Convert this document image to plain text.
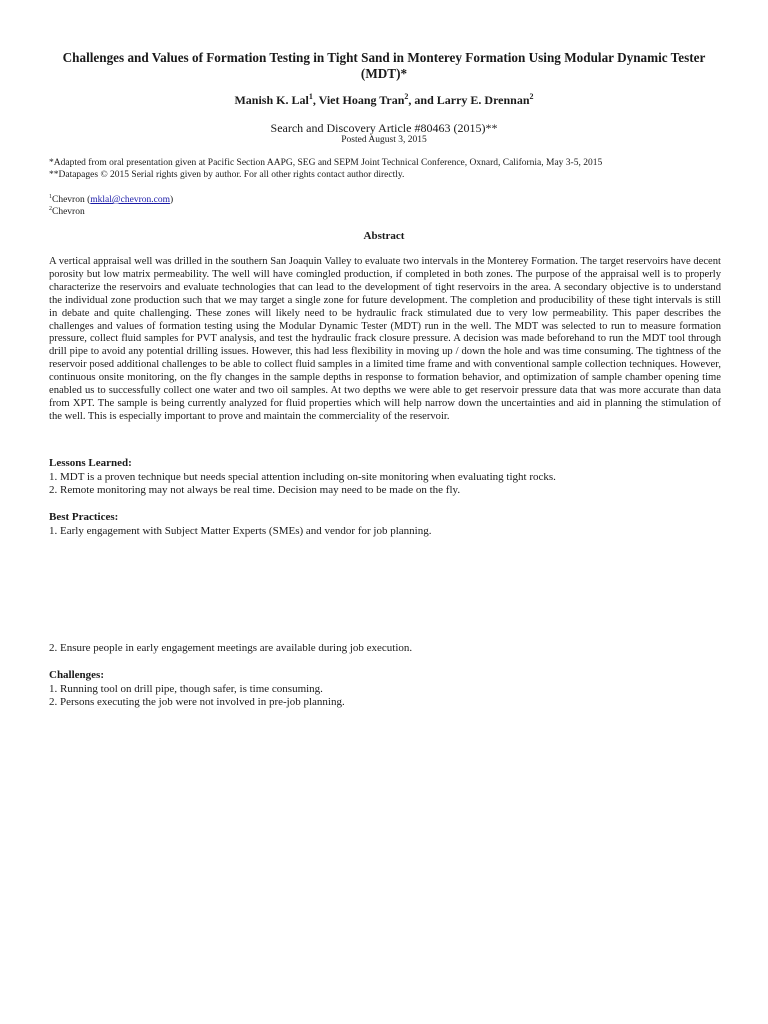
Challenges and Values of Formation Testing in Tight Sand in Monterey Formation Using Modular Dynamic Tester (MDT)*
Manish K. Lal$^1$, Viet Hoang Tran$^2$, and Larry E. Drennan$^2$
Search and Discovery Article #80463 (2015)**
Posted August 3, 2015
*Adapted from oral presentation given at Pacific Section AAPG, SEG and SEPM Joint Technical Conference, Oxnard, California, May 3-5, 2015
**Datapages © 2015 Serial rights given by author. For all other rights contact author directly.
$^1$Chevron (mklal@chevron.com)
$^2$Chevron
Abstract

A vertical appraisal well was drilled in the southern San Joaquin Valley to evaluate two intervals in the Monterey Formation. The target reservoirs have decent porosity but low matrix permeability. The well will have comingled production, if completed in both zones. The purpose of the appraisal well is to properly characterize the reservoirs and evaluate technologies that can lead to the development of tight reservoirs in the area. A secondary objective is to understand the individual zone production such that we may target a single zone for future development. The completion and producibility of these tight intervals is still in debate and quite challenging. These zones will likely need to be hydraulic frack stimulated due to very low permeability. This paper describes the challenges and values of formation testing using the Modular Dynamic Tester (MDT) run in the well. The MDT was selected to run to measure formation pressure, collect fluid samples for PVT analysis, and test the hydraulic frack closure pressure. A decision was made beforehand to run the MDT tool through drill pipe to avoid any potential drilling issues. However, this had less flexibility in moving up / down the hole and was time consuming. The tightness of the reservoir posed additional challenges to be able to collect fluid samples in a limited time frame and with conventional sample collection techniques. However, continuous onsite monitoring, on the fly changes in the sample depths in response to formation behavior, and optimization of sample chamber opening time enabled us to successfully collect one water and two oil samples. At two depths we were able to get reservoir pressure data that was more accurate than data from XPT. The sample is being currently analyzed for fluid properties which will help narrow down the uncertainties and aid in planning the stimulation of the well. This is especially important to prove and maintain the commerciality of the reservoir.

Lessons Learned:
1. MDT is a proven technique but needs special attention including on-site monitoring when evaluating tight rocks.
2. Remote monitoring may not always be real time. Decision may need to be made on the fly.
Best Practices:
1. Early engagement with Subject Matter Experts (SMEs) and vendor for job planning.
2. Ensure people in early engagement meetings are available during job execution.
Challenges:
1. Running tool on drill pipe, though safer, is time consuming.
2. Persons executing the job were not involved in pre-job planning.
